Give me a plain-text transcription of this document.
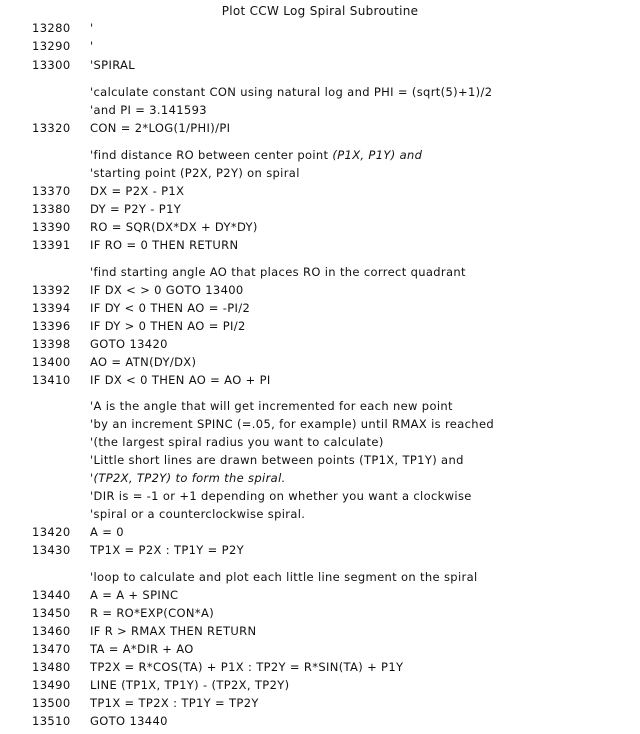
Plot CCW Log Spiral Subroutine
13280 '
13290 '
13300 'SPIRAL
'calculate constant CON using natural log and PHI = (sqrt(5)+1)/2
'and PI = 3.141593
13320 CON = 2*LOG(1/PHI)/PI
'find distance RO between center point (P1X, P1Y) and
'starting point (P2X, P2Y) on spiral
13370 DX = P2X - P1X
13380 DY = P2Y - P1Y
13390 RO = SQR(DX*DX + DY*DY)
13391 IF RO = 0 THEN RETURN
'find starting angle AO that places RO in the correct quadrant
13392 IF DX < > 0 GOTO 13400
13394 IF DY < 0 THEN AO = -PI/2
13396 IF DY > 0 THEN AO = PI/2
13398 GOTO 13420
13400 AO = ATN(DY/DX)
13410 IF DX < 0 THEN AO = AO + PI
'A is the angle that will get incremented for each new point
'by an increment SPINC (=.05, for example) until RMAX is reached
'(the largest spiral radius you want to calculate)
'Little short lines are drawn between points (TP1X, TP1Y) and
'(TP2X, TP2Y) to form the spiral.
'DIR is = -1 or +1 depending on whether you want a clockwise
'spiral or a counterclockwise spiral.
13420 A = 0
13430 TP1X = P2X : TP1Y = P2Y
'loop to calculate and plot each little line segment on the spiral
13440 A = A + SPINC
13450 R = RO*EXP(CON*A)
13460 IF R > RMAX THEN RETURN
13470 TA = A*DIR + AO
13480 TP2X = R*COS(TA) + P1X : TP2Y = R*SIN(TA) + P1Y
13490 LINE (TP1X, TP1Y) - (TP2X, TP2Y)
13500 TP1X = TP2X : TP1Y = TP2Y
13510 GOTO 13440
